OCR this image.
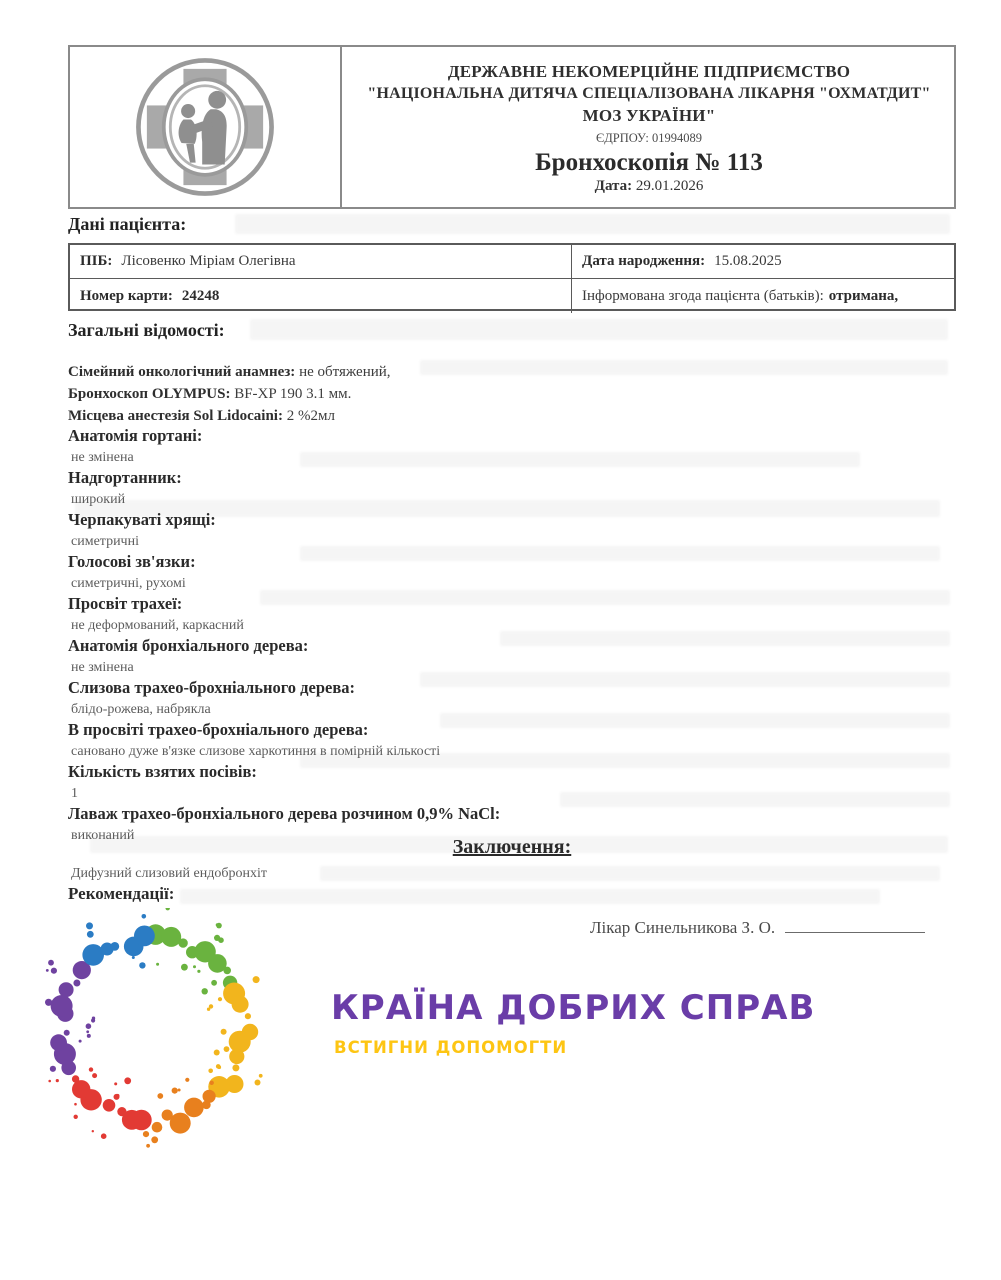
ДЕРЖАВНЕ НЕКОМЕРЦІЙНЕ ПІДПРИЄМСТВО
"НАЦІОНАЛЬНА ДИТЯЧА СПЕЦІАЛІЗОВАНА ЛІКАРНЯ "ОХМАТДИТ"
МОЗ УКРАЇНИ"
ЄДРПОУ: 01994089
Бронхоскопія № 113
Дата: 29.01.2026
Дані пацієнта:
ПІБ: Лісовенко Міріам Олегівна	Дата народження: 15.08.2025
Номер карти: 24248	Інформована згода пацієнта (батьків): отримана,
Загальні відомості:
Сімейний онкологічний анамнез: не обтяжений,
Бронхоскоп OLYMPUS: BF-XP 190 3.1 мм.
Місцева анестезія Sol Lidocaini: 2 %2мл
Анатомія гортані:
не змінена
Надгортанник:
широкий
Черпакуваті хрящі:
симетричні
Голосові зв'язки:
симетричні, рухомі
Просвіт трахеї:
не деформований, каркасний
Анатомія бронхіального дерева:
не змінена
Слизова трахео-брохніального дерева:
блідо-рожева, набрякла
В просвіті трахео-брохніального дерева:
сановано дуже в'язке слизове харкотиння в помірній кількості
Кількість взятих посівів:
1
Лаваж трахео-бронхіального дерева розчином 0,9% NaCl:
виконаний
Заключення:
Дифузний слизовий ендобронхіт
Рекомендації:
Лікар Синельникова З. О.
КРАЇНА ДОБРИХ СПРАВ
ВСТИГНИ ДОПОМОГТИ
